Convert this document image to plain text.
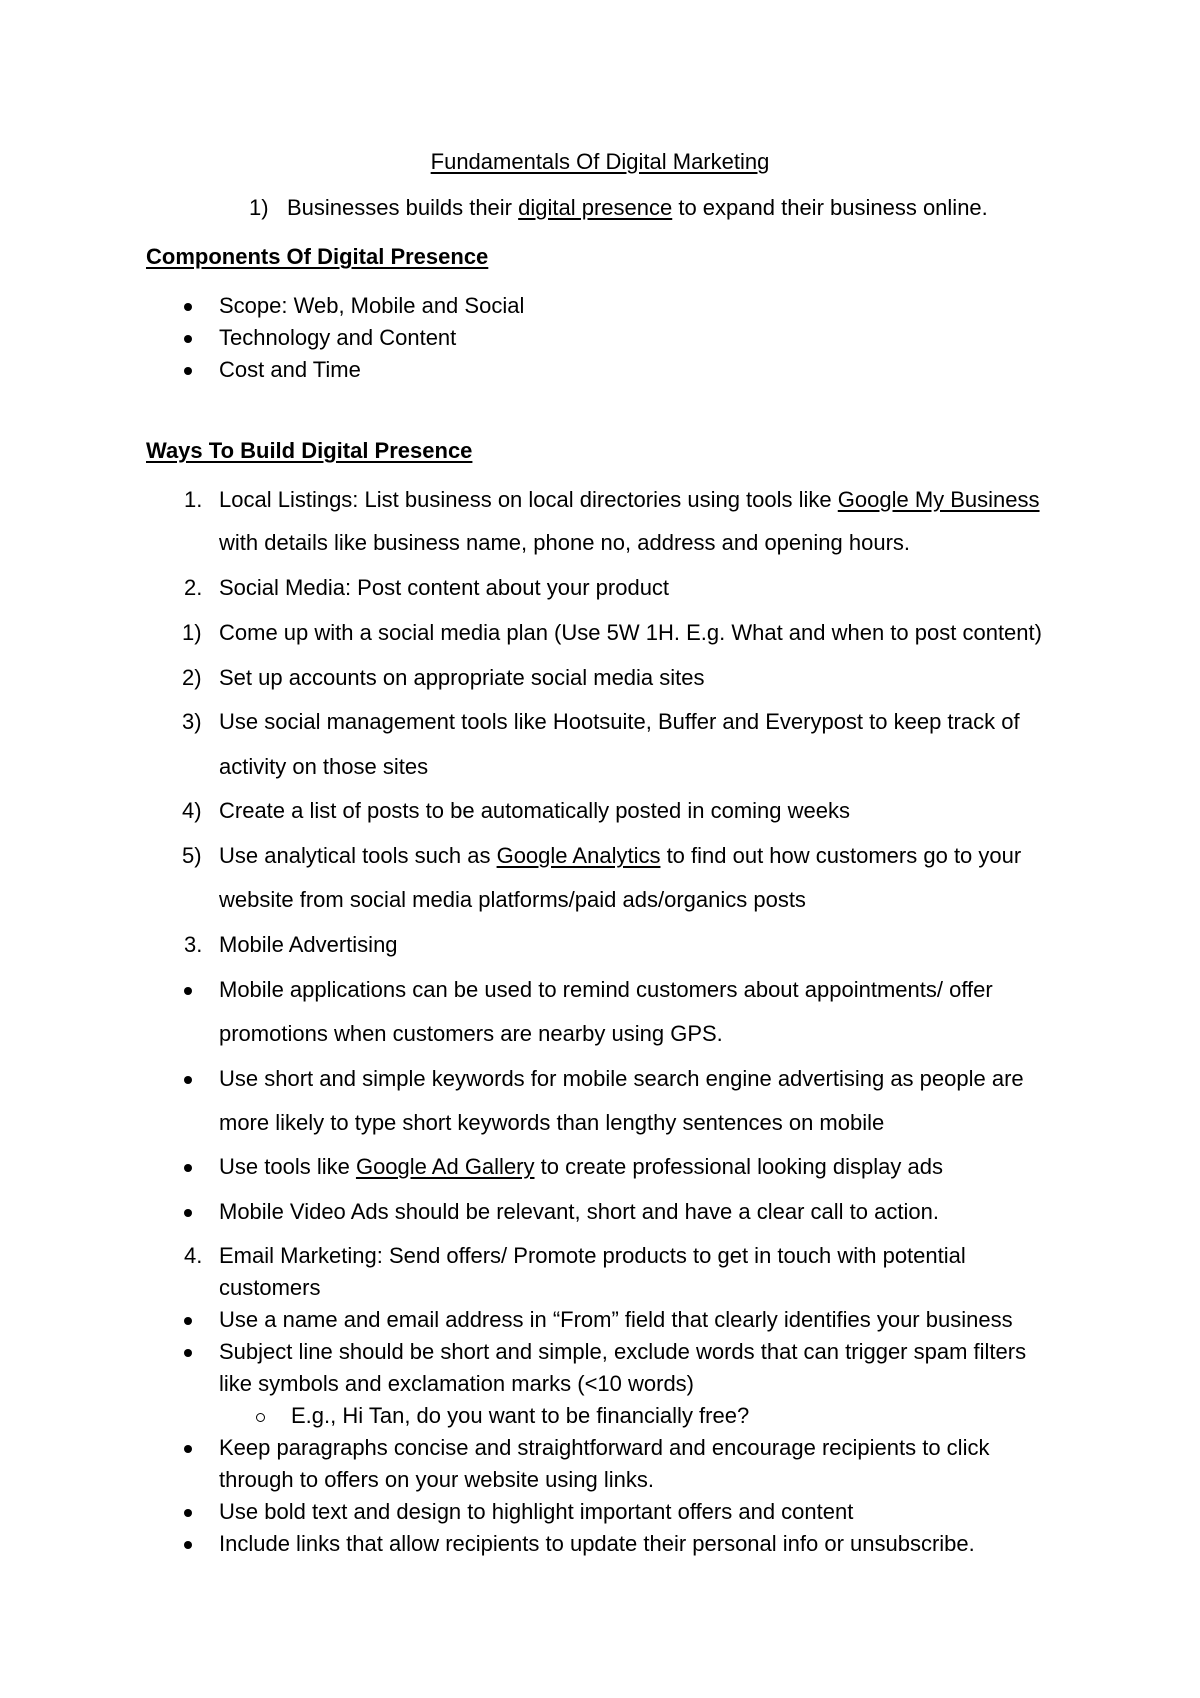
Fundamentals Of Digital Marketing
1) Businesses builds their digital presence to expand their business online.
Components Of Digital Presence
Scope: Web, Mobile and Social
Technology and Content
Cost and Time
Ways To Build Digital Presence
1. Local Listings: List business on local directories using tools like Google My Business
with details like business name, phone no, address and opening hours.
2. Social Media: Post content about your product
1) Come up with a social media plan (Use 5W 1H. E.g. What and when to post content)
2) Set up accounts on appropriate social media sites
3) Use social management tools like Hootsuite, Buffer and Everypost to keep track of
activity on those sites
4) Create a list of posts to be automatically posted in coming weeks
5) Use analytical tools such as Google Analytics to find out how customers go to your
website from social media platforms/paid ads/organics posts
3. Mobile Advertising
Mobile applications can be used to remind customers about appointments/ offer
promotions when customers are nearby using GPS.
Use short and simple keywords for mobile search engine advertising as people are
more likely to type short keywords than lengthy sentences on mobile
Use tools like Google Ad Gallery to create professional looking display ads
Mobile Video Ads should be relevant, short and have a clear call to action.
4. Email Marketing: Send offers/ Promote products to get in touch with potential
customers
Use a name and email address in “From” field that clearly identifies your business
Subject line should be short and simple, exclude words that can trigger spam filters
like symbols and exclamation marks (<10 words)
E.g., Hi Tan, do you want to be financially free?
Keep paragraphs concise and straightforward and encourage recipients to click
through to offers on your website using links.
Use bold text and design to highlight important offers and content
Include links that allow recipients to update their personal info or unsubscribe.
